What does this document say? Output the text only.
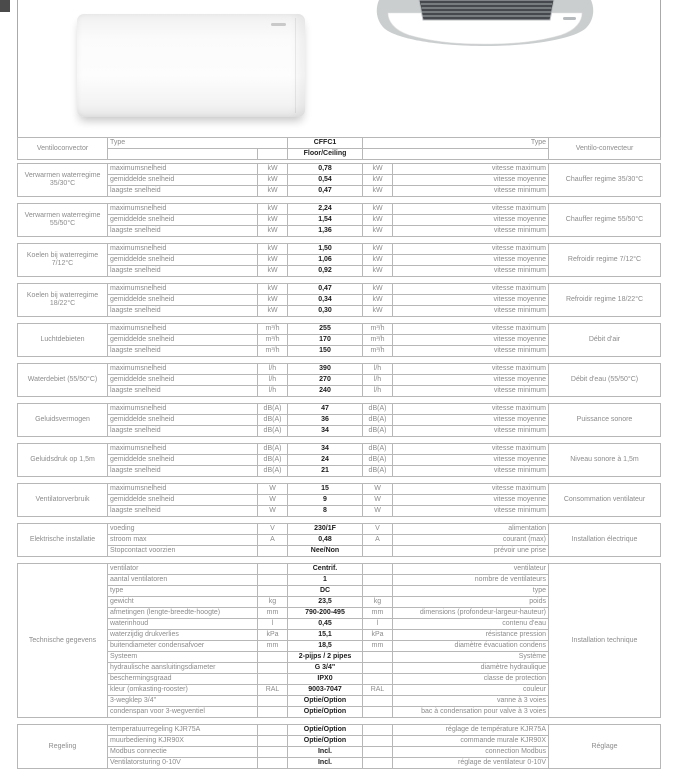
Ventiloconvector	Type		CFFC1	Type	Ventilo-convecteur
			Floor/Ceiling		
Verwarmen waterregime 35/30°C	maximumsnelheid	kW	0,78	kW	vitesse maximum	Chauffer regime 35/30°C
	gemiddelde snelheid	kW	0,54	kW	vitesse moyenne	
	laagste snelheid	kW	0,47	kW	vitesse minimum	
Verwarmen waterregime 55/50°C	maximumsnelheid	kW	2,24	kW	vitesse maximum	Chauffer regime 55/50°C
	gemiddelde snelheid	kW	1,54	kW	vitesse moyenne	
	laagste snelheid	kW	1,36	kW	vitesse minimum	
Koelen bij waterregime 7/12°C	maximumsnelheid	kW	1,50	kW	vitesse maximum	Refroidir regime 7/12°C
	gemiddelde snelheid	kW	1,06	kW	vitesse moyenne	
	laagste snelheid	kW	0,92	kW	vitesse minimum	
Koelen bij waterregime 18/22°C	maximumsnelheid	kW	0,47	kW	vitesse maximum	Refroidir regime 18/22°C
	gemiddelde snelheid	kW	0,34	kW	vitesse moyenne	
	laagste snelheid	kW	0,30	kW	vitesse minimum	
Luchtdebieten	maximumsnelheid	m³/h	255	m³/h	vitesse maximum	Débit d'air
	gemiddelde snelheid	m³/h	170	m³/h	vitesse moyenne	
	laagste snelheid	m³/h	150	m³/h	vitesse minimum	
Waterdebiet (55/50°C)	maximumsnelheid	l/h	390	l/h	vitesse maximum	Débit d'eau (55/50°C)
	gemiddelde snelheid	l/h	270	l/h	vitesse moyenne	
	laagste snelheid	l/h	240	l/h	vitesse minimum	
Geluidsvermogen	maximumsnelheid	dB(A)	47	dB(A)	vitesse maximum	Puissance sonore
	gemiddelde snelheid	dB(A)	36	dB(A)	vitesse moyenne	
	laagste snelheid	dB(A)	34	dB(A)	vitesse minimum	
Geluidsdruk op 1,5m	maximumsnelheid	dB(A)	34	dB(A)	vitesse maximum	Niveau sonore à 1,5m
	gemiddelde snelheid	dB(A)	24	dB(A)	vitesse moyenne	
	laagste snelheid	dB(A)	21	dB(A)	vitesse minimum	
Ventilatorverbruik	maximumsnelheid	W	15	W	vitesse maximum	Consommation ventilateur
	gemiddelde snelheid	W	9	W	vitesse moyenne	
	laagste snelheid	W	8	W	vitesse minimum	
Elektrische installatie	voeding	V	230/1F	V	alimentation	Installation électrique
	stroom max	A	0,48	A	courant (max)	
	Stopcontact voorzien		Nee/Non		prévoir une prise	
Technische gegevens	ventilator		Centrif.		ventilateur	Installation technique
	aantal ventilatoren		1		nombre de ventilateurs	
	type		DC		type	
	gewicht	kg	23,5	kg	poids	
	afmetingen (lengte-breedte-hoogte)	mm	790-200-495	mm	dimensions (profondeur-largeur-hauteur)	
	waterinhoud	l	0,45	l	contenu d'eau	
	waterzijdig drukverlies	kPa	15,1	kPa	résistance pression	
	buitendiameter condensafvoer	mm	18,5	mm	diamètre évacuation condens	
	Systeem		2-pijps / 2 pipes		Système	
	hydraulische aansluitingsdiameter		G 3/4"		diamètre hydraulique	
	beschermingsgraad		IPX0		classe de protection	
	kleur (omkasting-rooster)	RAL	9003-7047	RAL	couleur	
	3-wegklep 3/4"		Optie/Option		vanne à 3 voies	
	condenspan voor 3-wegventiel		Optie/Option		bac à condensation pour valve à 3 voies	
Regeling	temperatuurregeling KJR75A		Optie/Option		réglage de température KJR75A	Réglage
	muurbediening KJR90X		Optie/Option		commande murale KJR90X	
	Modbus connectie		Incl.		connection Modbus	
	Ventilatorsturing 0-10V		Incl.		réglage de ventilateur 0-10V	
